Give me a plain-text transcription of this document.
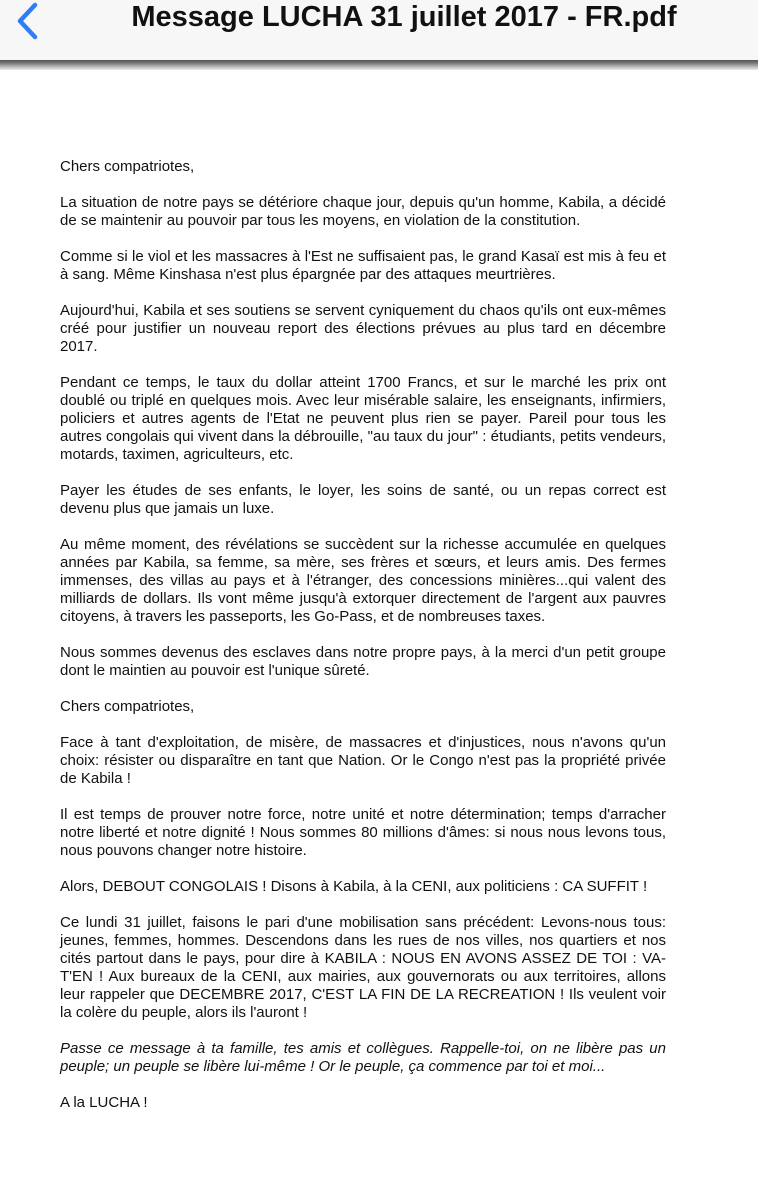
Message LUCHA 31 juillet 2017 - FR.pdf

Chers compatriotes,

La situation de notre pays se détériore chaque jour, depuis qu'un homme, Kabila, a décidé de se maintenir au pouvoir par tous les moyens, en violation de la constitution.

Comme si le viol et les massacres à l'Est ne suffisaient pas, le grand Kasaï est mis à feu et à sang. Même Kinshasa n'est plus épargnée par des attaques meurtrières.

Aujourd'hui, Kabila et ses soutiens se servent cyniquement du chaos qu'ils ont eux-mêmes créé pour justifier un nouveau report des élections prévues au plus tard en décembre 2017.

Pendant ce temps, le taux du dollar atteint 1700 Francs, et sur le marché les prix ont doublé ou triplé en quelques mois. Avec leur misérable salaire, les enseignants, infirmiers, policiers et autres agents de l'Etat ne peuvent plus rien se payer. Pareil pour tous les autres congolais qui vivent dans la débrouille, "au taux du jour" : étudiants, petits vendeurs, motards, taximen, agriculteurs, etc.

Payer les études de ses enfants, le loyer, les soins de santé, ou un repas correct est devenu plus que jamais un luxe.

Au même moment, des révélations se succèdent sur la richesse accumulée en quelques années par Kabila, sa femme, sa mère, ses frères et sœurs, et leurs amis. Des fermes immenses, des villas au pays et à l'étranger, des concessions minières...qui valent des milliards de dollars. Ils vont même jusqu'à extorquer directement de l'argent aux pauvres citoyens, à travers les passeports, les Go-Pass, et de nombreuses taxes.

Nous sommes devenus des esclaves dans notre propre pays, à la merci d'un petit groupe dont le maintien au pouvoir est l'unique sûreté.

Chers compatriotes,

Face à tant d'exploitation, de misère, de massacres et d'injustices, nous n'avons qu'un choix: résister ou disparaître en tant que Nation. Or le Congo n'est pas la propriété privée de Kabila !

Il est temps de prouver notre force, notre unité et notre détermination; temps d'arracher notre liberté et notre dignité ! Nous sommes 80 millions d'âmes: si nous nous levons tous, nous pouvons changer notre histoire.

Alors, DEBOUT CONGOLAIS ! Disons à Kabila, à la CENI, aux politiciens : CA SUFFIT !

Ce lundi 31 juillet, faisons le pari d'une mobilisation sans précédent: Levons-nous tous: jeunes, femmes, hommes. Descendons dans les rues de nos villes, nos quartiers et nos cités partout dans le pays, pour dire à KABILA : NOUS EN AVONS ASSEZ DE TOI : VA-T'EN ! Aux bureaux de la CENI, aux mairies, aux gouvernorats ou aux territoires, allons leur rappeler que DECEMBRE 2017, C'EST LA FIN DE LA RECREATION ! Ils veulent voir la colère du peuple, alors ils l'auront !

Passe ce message à ta famille, tes amis et collègues. Rappelle-toi, on ne libère pas un peuple; un peuple se libère lui-même ! Or le peuple, ça commence par toi et moi...

A la LUCHA !
